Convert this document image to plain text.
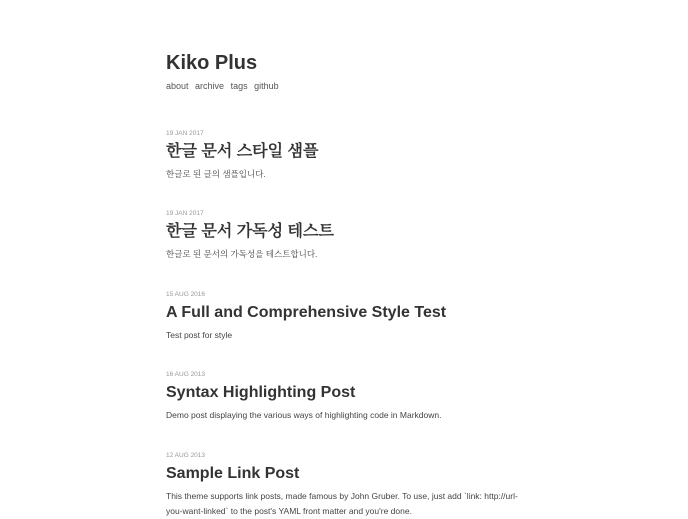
Kiko Plus
about archive tags github
19 JAN 2017
한글 문서 스타일 샘플
한글로 된 글의 샘플입니다.
19 JAN 2017
한글 문서 가독성 테스트
한글로 된 문서의 가독성을 테스트합니다.
15 AUG 2016
A Full and Comprehensive Style Test
Test post for style
16 AUG 2013
Syntax Highlighting Post
Demo post displaying the various ways of highlighting code in Markdown.
12 AUG 2013
Sample Link Post
This theme supports link posts, made famous by John Gruber. To use, just add `link: http://url-you-want-linked` to the post's YAML front matter and you're done.
